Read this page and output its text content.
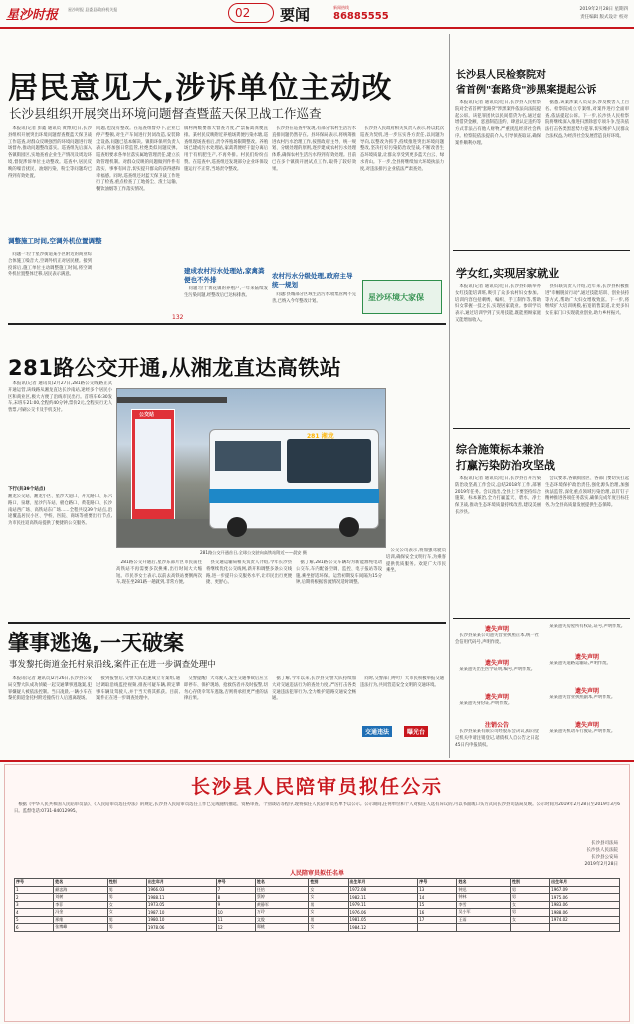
星沙时报 星沙时报 县委县政府机关报	02 要闻	新闻热线
86885555
2019年2月28日 星期四
责任编辑 版式设计 校对
居民意见大,涉诉单位主动改
长沙县组织开展突出环境问题督查暨蓝天保卫战工作巡查
　本报讯(记者 彭鑫 通讯员 黄博)近日,长沙县组织开展突出环境问题督查暨蓝天保卫战工作巡查,对群众反映强烈的环境问题进行现场督办,推动问题整改落实。巡查组先后深入各镇街园区,实地查看企业生产情况及周边环境,督促涉诉单位主动整改。巡查中,居民反映的噪音扰民、油烟污染、粉尘等问题均已得到有效处置。
调整施工时间,空调外机位置调整
　问题一:位于星沙街道某小区附近的商业综合体施工噪音大,空调外机正对居民楼。接到投诉后,施工单位主动调整施工时间,将空调外机位置整体迁移,居民表示满意。
问题,也没有整改。在巡查组督办下,企业已停产整顿,对生产车间进行封闭改造,安装除尘设备,问题已基本解决。镇街环保所负责人表示,将加强日常监管,杜绝类似问题反弹。巡查组要求各单位落实属地管理责任,建立长效管理机制。对群众反映的问题做到件件有落实、事事有回音,切实提升群众的获得感和幸福感。同时,巡查组还对蓝天保卫战工作进行了检查,重点检查了工地扬尘、渣土运输、餐饮油烟等工作落实情况。
建成农村污水处理站,家禽粪便也不外排
镇村两级要加大督查力度,严禁畜禽粪便直排。某村民反映附近养殖场粪便污染水塘,巡查组现场查看后,责令养殖场限期整改。养殖场已建成污水处理站,家禽粪便经干湿分离后用于有机肥生产,不再外排。村民们纷纷点赞。在巡查中,巡查组还发现部分企业环保设施运行不正常,当场责令整改。
　问题:位于黄花镇的养殖户,一年来陆续发生污染问题,经整改后已达标排放。
　长沙县在巡查中发现,有部分农村生活污水直排问题仍然存在。县环保局表示,将统筹推进农村污水治理工作,按照政府主导、统一规划、分级处理的原则,逐步建成农村污水处理体系,确保农村生活污水得到有效处理。目前已在多个镇街开展试点工作,取得了较好效果。
农村污水分级处理,政府主导统一规划
　问题:县城部分区域生活污水收集管网不完善,已纳入今年整改计划。
　长沙县人民政府相关负责人表示,将以此次巡查为契机,进一步压实各方责任,以问题为导向,以整改为抓手,持续推进突出环境问题整改,坚决打好污染防治攻坚战,不断改善生态环境质量,让群众享受到更多蓝天白云、绿水青山。下一步,全县将继续加大环境执法力度,对违法排污企业依法严肃查处。
星沙环境大家保
132
长沙县人民检察院对
省首例"套路贷"涉黑案提起公诉
　本报讯(记者 通讯员)近日,长沙县人民检察院对全省首例"套路贷"涉黑案件依法向法院提起公诉。该犯罪团伙以民间借贷为名,通过虚增借贷金额、恶意制造违约、肆意认定违约等方式非法占有他人财物,严重扰乱经济社会秩序。检察院依法提前介入,引导侦查取证,确保案件顺利办理。
　据悉,该案涉案人员众多,涉及被害人上百名。检察院成立专案组,对案件进行全面审查,依法提起公诉。下一步,长沙县人民检察院将继续深入推进扫黑除恶专项斗争,坚决依法打击各类黑恶势力犯罪,切实维护人民群众合法权益,为经济社会发展营造良好环境。
学女红,实现居家就业
　本报讯(记者 通讯员)近日,长沙县妇联举办女红技能培训班,吸引了众多农村妇女参加。培训内容包括刺绣、编织、手工制作等,帮助妇女掌握一技之长,实现居家就业。参训学员表示,通过培训学到了实用技能,既能照顾家庭又能增加收入。
　县妇联负责人介绍,近年来,长沙县积极推进"巾帼脱贫行动",通过技能培训、创业扶持等方式,帮助广大妇女增收致富。下一步,将继续扩大培训规模,拓宽销售渠道,让更多妇女在家门口实现就业创业,助力乡村振兴。
综合施策标本兼治
打赢污染防治攻坚战
　本报讯(记者 通讯员)近日,长沙县召开污染防治攻坚战工作会议,总结2018年工作,部署2019年任务。会议指出,全县上下要坚持综合施策、标本兼治,全力打赢蓝天、碧水、净土保卫战,推动生态环境质量持续改善,建设美丽长沙县。
　会议要求,各镇街园区、各部门要切实扛起生态环境保护政治责任,强化源头治理,加强执法监管,深化重点领域污染治理,以钉钉子精神推进各项任务落实,确保完成年度目标任务,为全县高质量发展提供生态保障。
281路公交开通,从湘龙直达高铁站
　本报讯(记者 通讯员)2月27日,281路公交线路正式开通运营,该线路从湘龙直达长沙南站,途经多个居民小区和商业区,极大方便了沿线市民出行。首班车6:30发车,末班车21:00,全程约40分钟,票价2元,全程实行无人售票,可刷公交卡及手机支付。
下行(共39个站点)
湘龙公交站、湘龙小区、星沙大道口、开元路口、东六路口、泉塘、星沙汽车站、板仓路口、黄花路口、长沙南站西广场、高铁站东广场……全程共设39个站点,沿途覆盖居民小区、学校、医院、商场等重要出行节点,为市民往返高铁站提供了便捷的公交服务。
公交站
281 湘龙
281路公交开通首日,全球公交驶向高铁站附近——晨安 摄
　281路公交开通后,星沙东部片区市民前往高铁站不再需要多次换乘,出行时间大大缩短。市民李女士表示,以前去高铁站要倒两次车,现在坐281路一趟就到,非常方便。
　县交通运输局相关负责人介绍,今年长沙县将继续优化公交线网,新开和调整多条公交线路,进一步提升公交服务水平,让市民出行更便捷、更舒心。
　据了解,281路公交车辆均为新能源纯电动公交车,车内配备空调、监控、电子报站等设施,乘坐舒适环保。运营初期发车间隔为15分钟,后期将根据客流情况适时调整。
　公交公司表示,将加强驾驶员培训,确保安全文明行车,为乘客提供优质服务。欢迎广大市民乘坐。
肇事逃逸,一天破案
事发黎托街道金托村泉沿线,案件正在进一步调查处理中
　本报讯(记者 通讯员)2月26日,长沙县公安局交警大队成功侦破一起交通肇事逃逸案,犯罪嫌疑人被依法控制。当日凌晨,一辆小车在黎托街道金托村附近撞伤行人后逃离现场。
　接到报警后,交警大队迅速成立专案组,通过调取沿线监控视频,排查可疑车辆,锁定肇事车辆及驾驶人,并于当天将其抓获。目前,案件正在进一步调查处理中。
　交警提醒广大驾驶人,发生交通事故后应立即停车、保护现场、抢救伤者并及时报警,切勿心存侥幸驾车逃逸,否则将承担更严重的法律后果。
　据了解,今年以来,长沙县交警大队持续加大对交通违法行为的查处力度,严厉打击各类交通违法犯罪行为,全力维护道路交通安全畅通。
　同时,交警部门呼吁广大市民积极举报交通违法行为,共同营造安全文明的交通环境。
交通违法	曝光台
遗失声明
　长沙县某某公司遗失营业执照正本,统一社会信用代码号,声明作废。
遗失声明
　某某遗失出生医学证明,编号,声明作废。
遗失声明
　某某遗失身份证,声明作废。
注销公告
　长沙县某某有限公司经股东会决议,拟向登记机关申请注销登记,请债权人自公告之日起45日内申报债权。
　某某遗失房屋所有权证,证号,声明作废。
遗失声明
　某某遗失道路运输证,声明作废。
遗失声明
　某某遗失营业执照副本,声明作废。
遗失声明
　某某遗失机动车行驶证,声明作废。
长沙县人民陪审员拟任公示
　根据《中华人民共和国人民陪审员法》、《人民陪审员选任办法》的规定,长沙县人民陪审员选任工作已完成随机抽选、资格审查、个别谈话等程序,现将拟任人民陪审员名单予以公示。公示期间,任何单位和个人对拟任人选有异议的,可以书面或口头方式向长沙县司法局反映。公示时间为2019年2月28日至2019年3月6日。监督电话:0731-84012995。
长沙县司法局
长沙县人民法院
长沙县公安局
2019年2月28日
人民陪审员拟任名单
序号	姓名	性别	出生年月	序号	姓名	性别	出生年月	序号	姓名	性别	出生年月
1	颜忠海	男	1966.03	7	任怡	女	1972.08	13	钟迅	男	1967.09
2	刘树	男	1988.11	8	蔡婷	女	1982.11	14	钟林	男	1975.06
3	李菲	女	1973.05	9	黄静军	男	1979.11	15	李雪	女	1983.06
4	冯金	女	1987.10	10	万玲	女	1976.06	16	吴小军	男	1988.06
5	邢维	男	1980.10	11	文俊	男	1981.05	17	王雨	女	1974.02
6	张博峰	男	1978.06	12	郑桃	女	1984.12				
